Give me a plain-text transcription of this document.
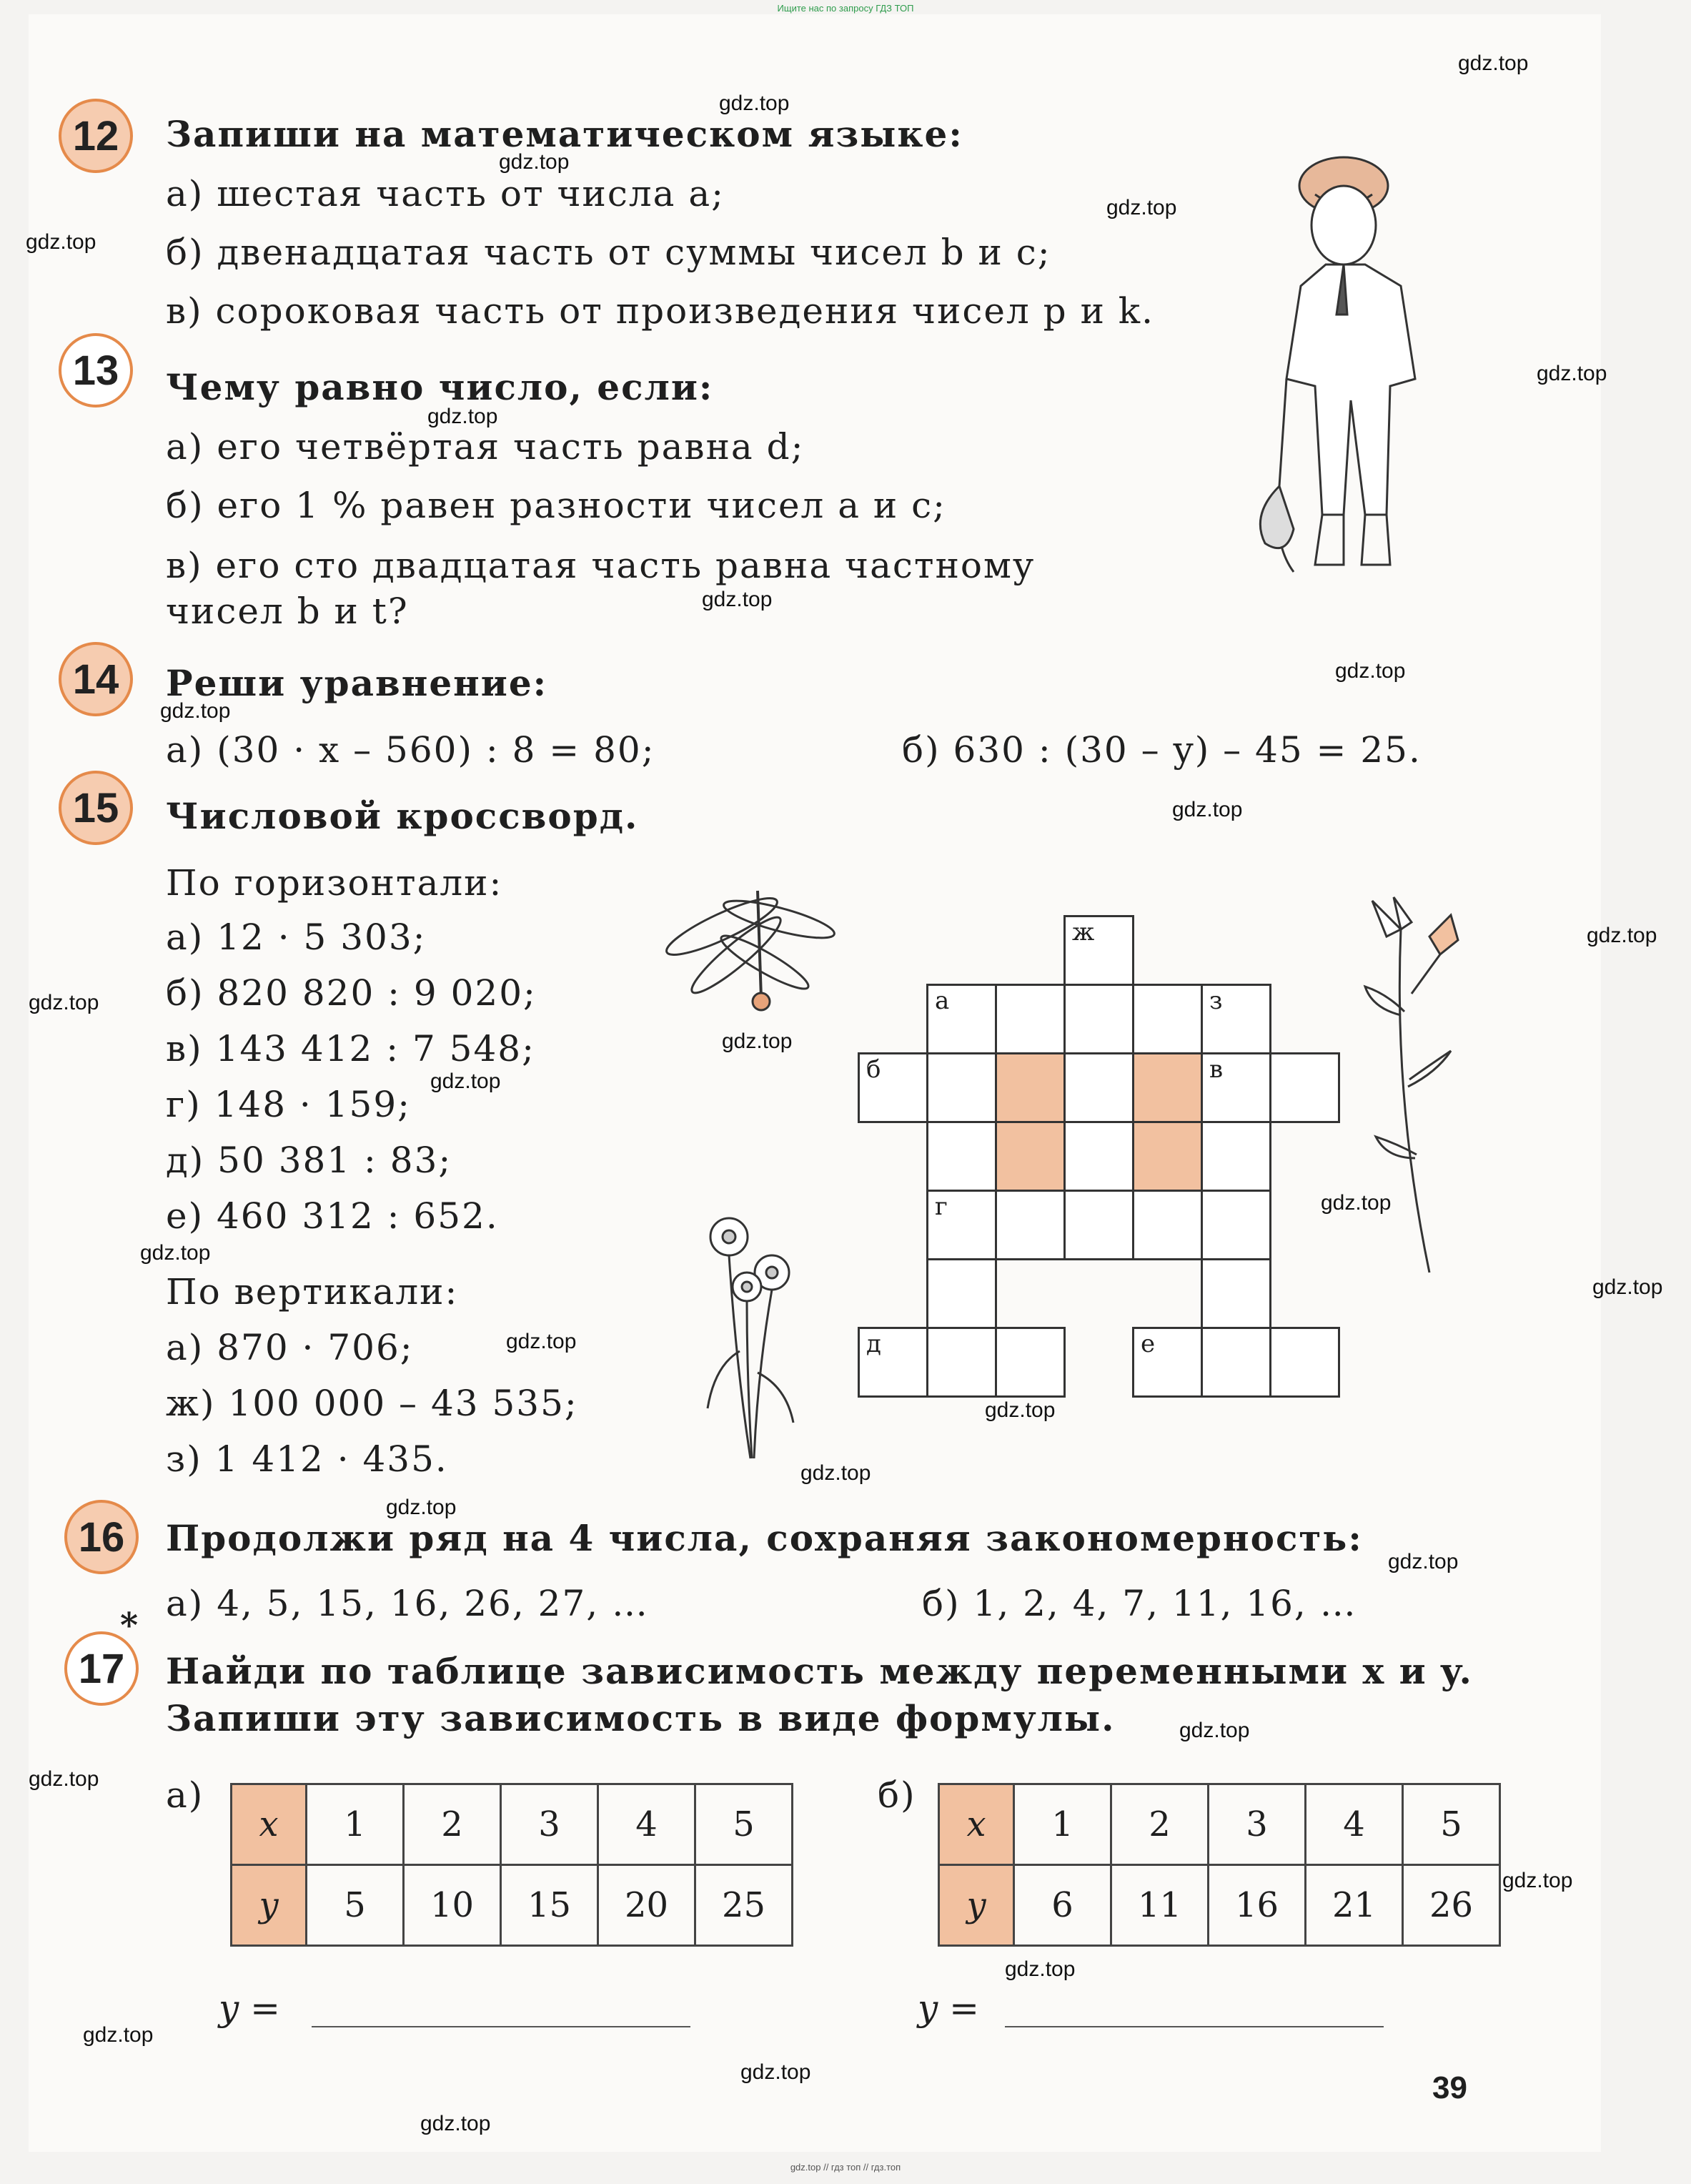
Ищите нас по запросу ГДЗ ТОП
12	Запиши на математическом языке:
а) шестая часть от числа a;
б) двенадцатая часть от суммы чисел b и c;
в) сороковая часть от произведения чисел p и k.
13	Чему равно число, если:
а) его четвёртая часть равна d;
б) его 1 % равен разности чисел a и c;
в) его сто двадцатая часть равна частному
чисел b и t?
14	Реши уравнение:
а) (30 · x – 560) : 8 = 80;	б) 630 : (30 – y) – 45 = 25.
15	Числовой кроссворд.
По горизонтали:
а) 12 · 5 303;
б) 820 820 : 9 020;
в) 143 412 : 7 548;
г) 148 · 159;
д) 50 381 : 83;
е) 460 312 : 652.
По вертикали:
а) 870 · 706;
ж) 100 000 – 43 535;
з) 1 412 · 435.
ж
а	з
б	в
г
д	е
16	Продолжи ряд на 4 числа, сохраняя закономерность:
а) 4, 5, 15, 16, 26, 27, …	б) 1, 2, 4, 7, 11, 16, …
17
*
Найди по таблице зависимость между переменными x и y.
Запиши эту зависимость в виде формулы.
а)
x	1	2	3	4	5
y	5	10	15	20	25
б)
x	1	2	3	4	5
y	6	11	16	21	26
y =	y =
39
gdz.top
gdz.top
gdz.top
gdz.top
gdz.top
gdz.top
gdz.top
gdz.top
gdz.top
gdz.top
gdz.top
gdz.top
gdz.top
gdz.top
gdz.top
gdz.top
gdz.top
gdz.top
gdz.top
gdz.top
gdz.top
gdz.top
gdz.top
gdz.top
gdz.top
gdz.top
gdz.top
gdz.top
gdz.top
gdz.top
gdz.top // гдз топ // гдз.топ
